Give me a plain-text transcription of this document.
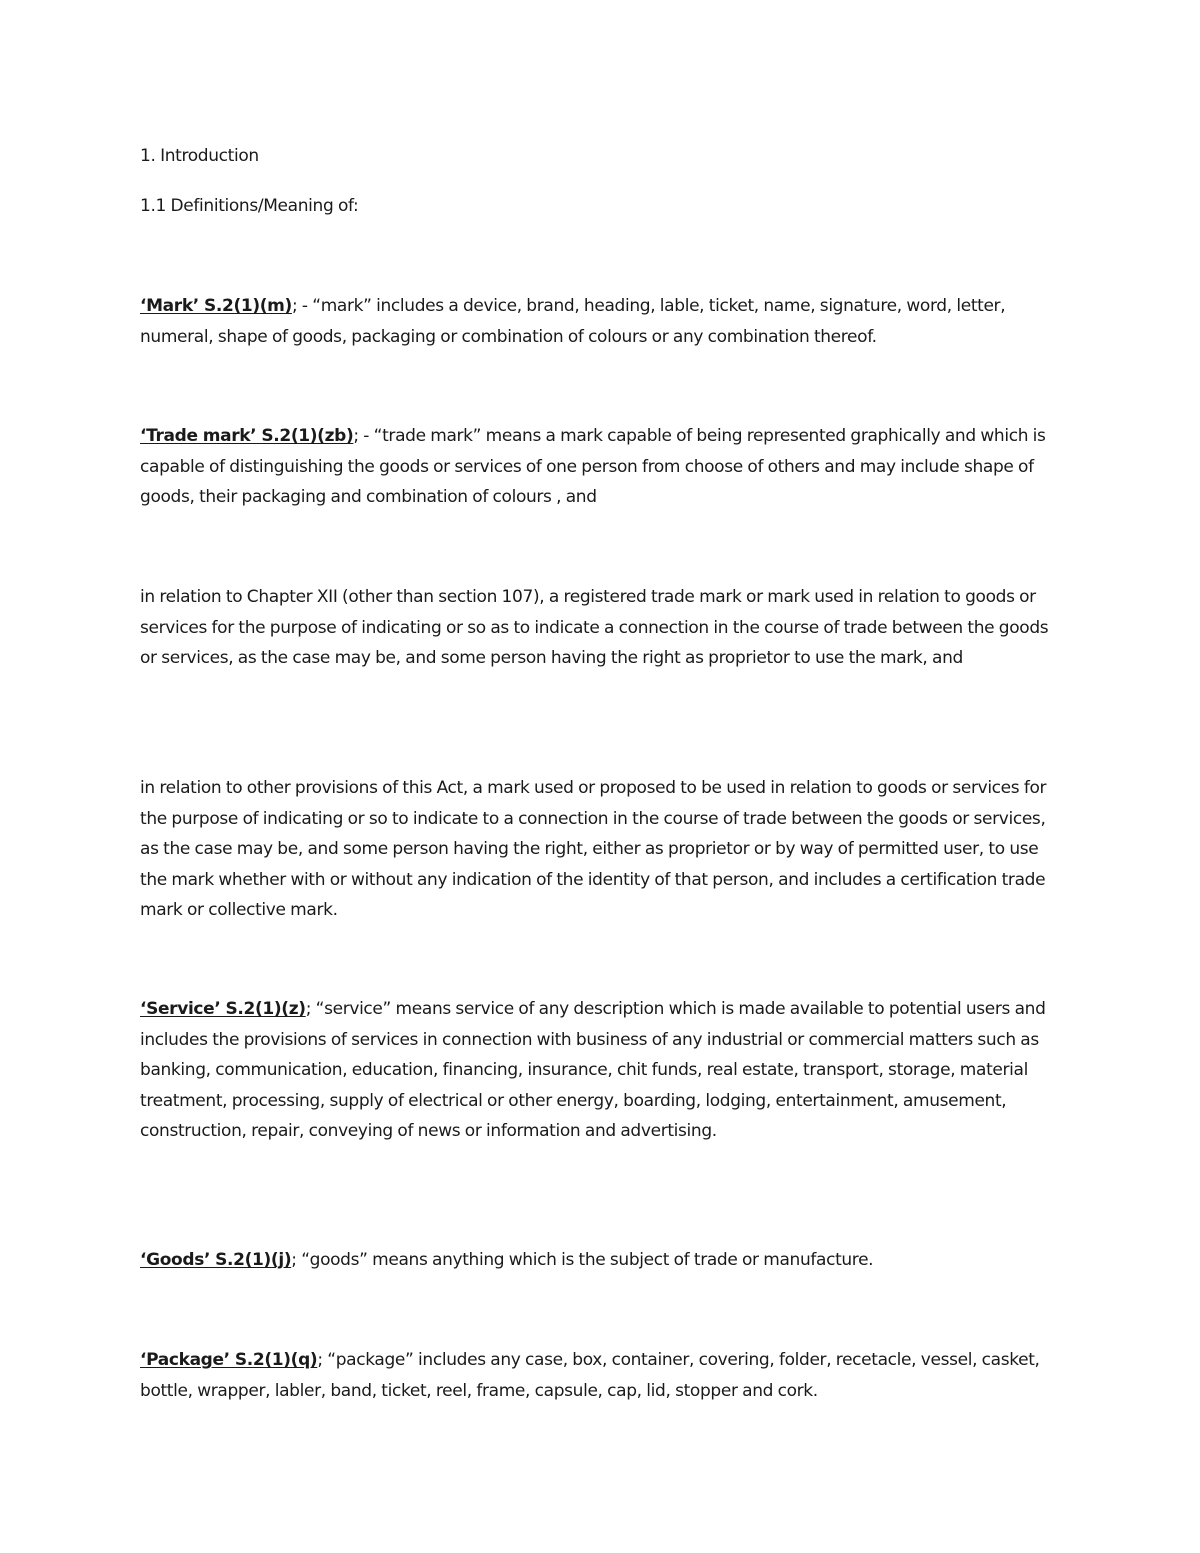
1. Introduction

1.1 Definitions/Meaning of:

‘Mark’ S.2(1)(m); - “mark” includes a device, brand, heading, lable, ticket, name, signature, word, letter, numeral, shape of goods, packaging or combination of colours or any combination thereof.

‘Trade mark’ S.2(1)(zb); - “trade mark” means a mark capable of being represented graphically and which is capable of distinguishing the goods or services of one person from choose of others and may include shape of goods, their packaging and combination of colours , and

in relation to Chapter XII (other than section 107), a registered trade mark or mark used in relation to goods or services for the purpose of indicating or so as to indicate a connection in the course of trade between the goods or services, as the case may be, and some person having the right as proprietor to use the mark, and

in relation to other provisions of this Act, a mark used or proposed to be used in relation to goods or services for the purpose of indicating or so to indicate to a connection in the course of trade between the goods or services, as the case may be, and some person having the right, either as proprietor or by way of permitted user, to use the mark whether with or without any indication of the identity of that person, and includes a certification trade mark or collective mark.

‘Service’ S.2(1)(z); “service” means service of any description which is made available to potential users and includes the provisions of services in connection with business of any industrial or commercial matters such as banking, communication, education, financing, insurance, chit funds, real estate, transport, storage, material treatment, processing, supply of electrical or other energy, boarding, lodging, entertainment, amusement, construction, repair, conveying of news or information and advertising.

‘Goods’ S.2(1)(j); “goods” means anything which is the subject of trade or manufacture.

‘Package’ S.2(1)(q); “package” includes any case, box, container, covering, folder, recetacle, vessel, casket, bottle, wrapper, labler, band, ticket, reel, frame, capsule, cap, lid, stopper and cork.
